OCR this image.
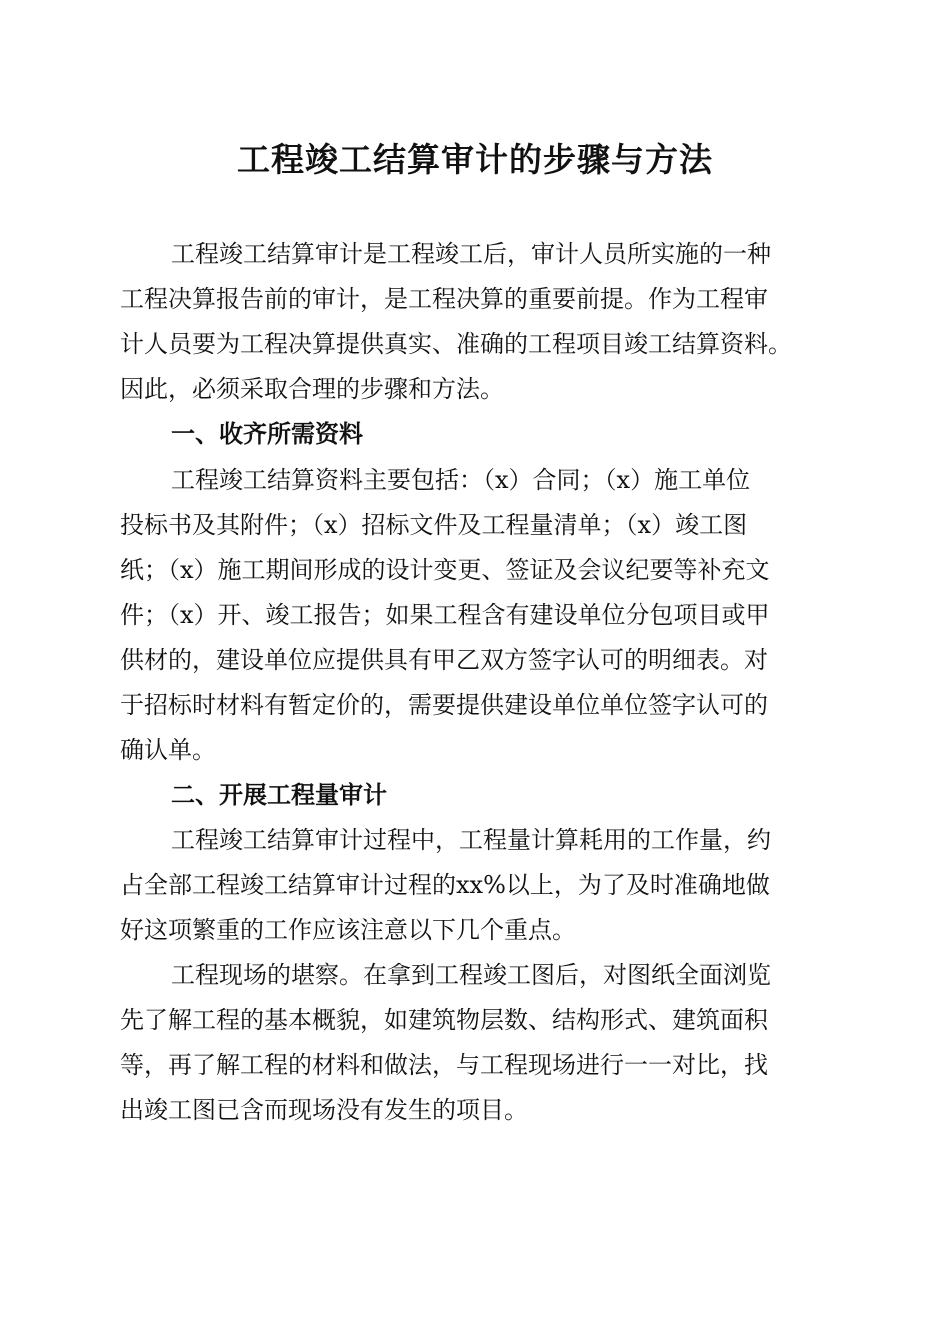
工程竣工结算审计的步骤与方法
工程竣工结算审计是工程竣工后，审计人员所实施的一种
工程决算报告前的审计，是工程决算的重要前提。作为工程审
计人员要为工程决算提供真实、准确的工程项目竣工结算资料。
因此，必须采取合理的步骤和方法。
一、收齐所需资料
工程竣工结算资料主要包括：（x）合同；（x）施工单位
投标书及其附件；（x）招标文件及工程量清单；（x）竣工图
纸；（x）施工期间形成的设计变更、签证及会议纪要等补充文
件；（x）开、竣工报告；如果工程含有建设单位分包项目或甲
供材的，建设单位应提供具有甲乙双方签字认可的明细表。对
于招标时材料有暂定价的，需要提供建设单位单位签字认可的
确认单。
二、开展工程量审计
工程竣工结算审计过程中，工程量计算耗用的工作量，约
占全部工程竣工结算审计过程的xx%以上，为了及时准确地做
好这项繁重的工作应该注意以下几个重点。
工程现场的堪察。在拿到工程竣工图后，对图纸全面浏览
先了解工程的基本概貌，如建筑物层数、结构形式、建筑面积
等，再了解工程的材料和做法，与工程现场进行一一对比，找
出竣工图已含而现场没有发生的项目。
